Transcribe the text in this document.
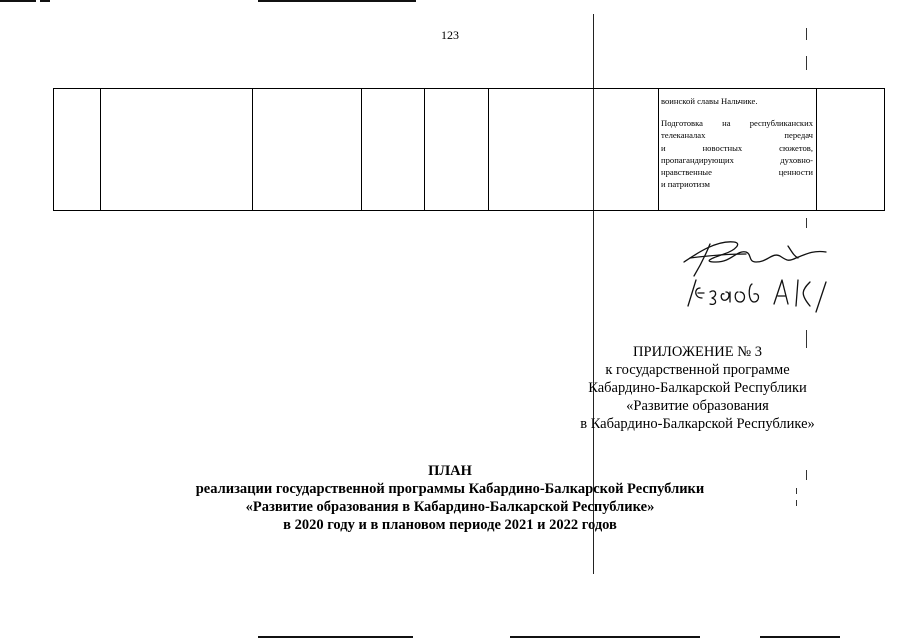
123

воинской славы Нальчике.

Подготовка на республиканских

телеканалах передач

и новостных сюжетов,

пропагандирующих духовно-

нравственные ценности

и патриотизм

ПРИЛОЖЕНИЕ № 3
к государственной программе
Кабардино-Балкарской Республики
«Развитие образования
в Кабардино-Балкарской Республике»
ПЛАН
реализации государственной программы Кабардино-Балкарской Республики
«Развитие образования в Кабардино-Балкарской Республике»
в 2020 году и в плановом периоде 2021 и 2022 годов
